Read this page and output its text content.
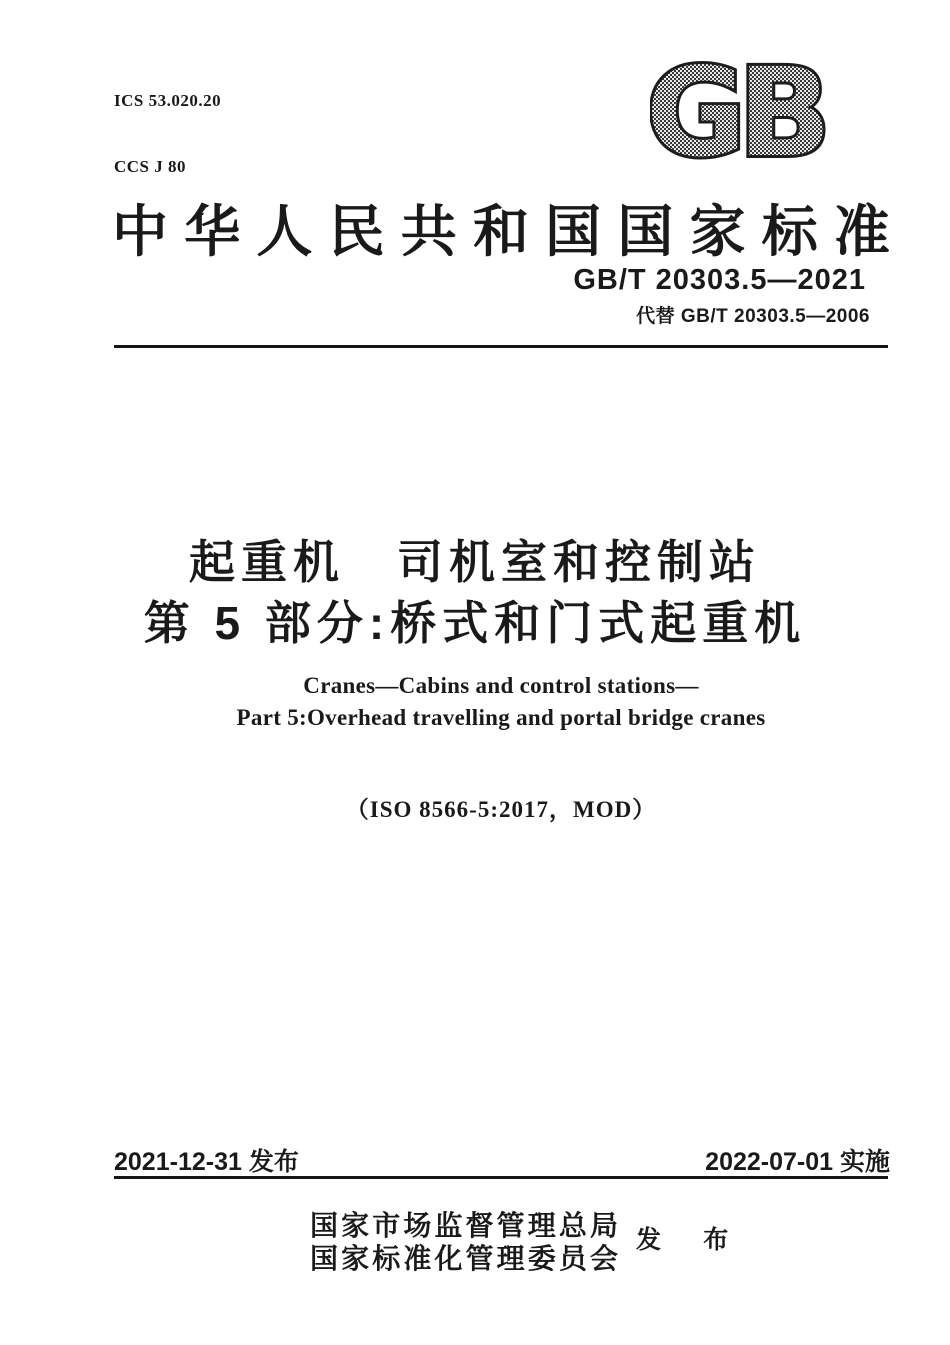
ICS 53.020.20

CCS J 80

	GB
中 华 人 民 共 和 国 国 家 标 准
GB/T 20303.5—2021
代替 GB/T 20303.5—2006
起重机　司机室和控制站
第 5 部分:桥式和门式起重机
Cranes—Cabins and control stations—
Part 5:Overhead travelling and portal bridge cranes
（ISO 8566-5:2017，MOD）
2021-12-31 发布	2022-07-01 实施
国 家 市 场 监 督 管 理 总 局
国 家 标 准 化 管 理 委 员 会
发 布
